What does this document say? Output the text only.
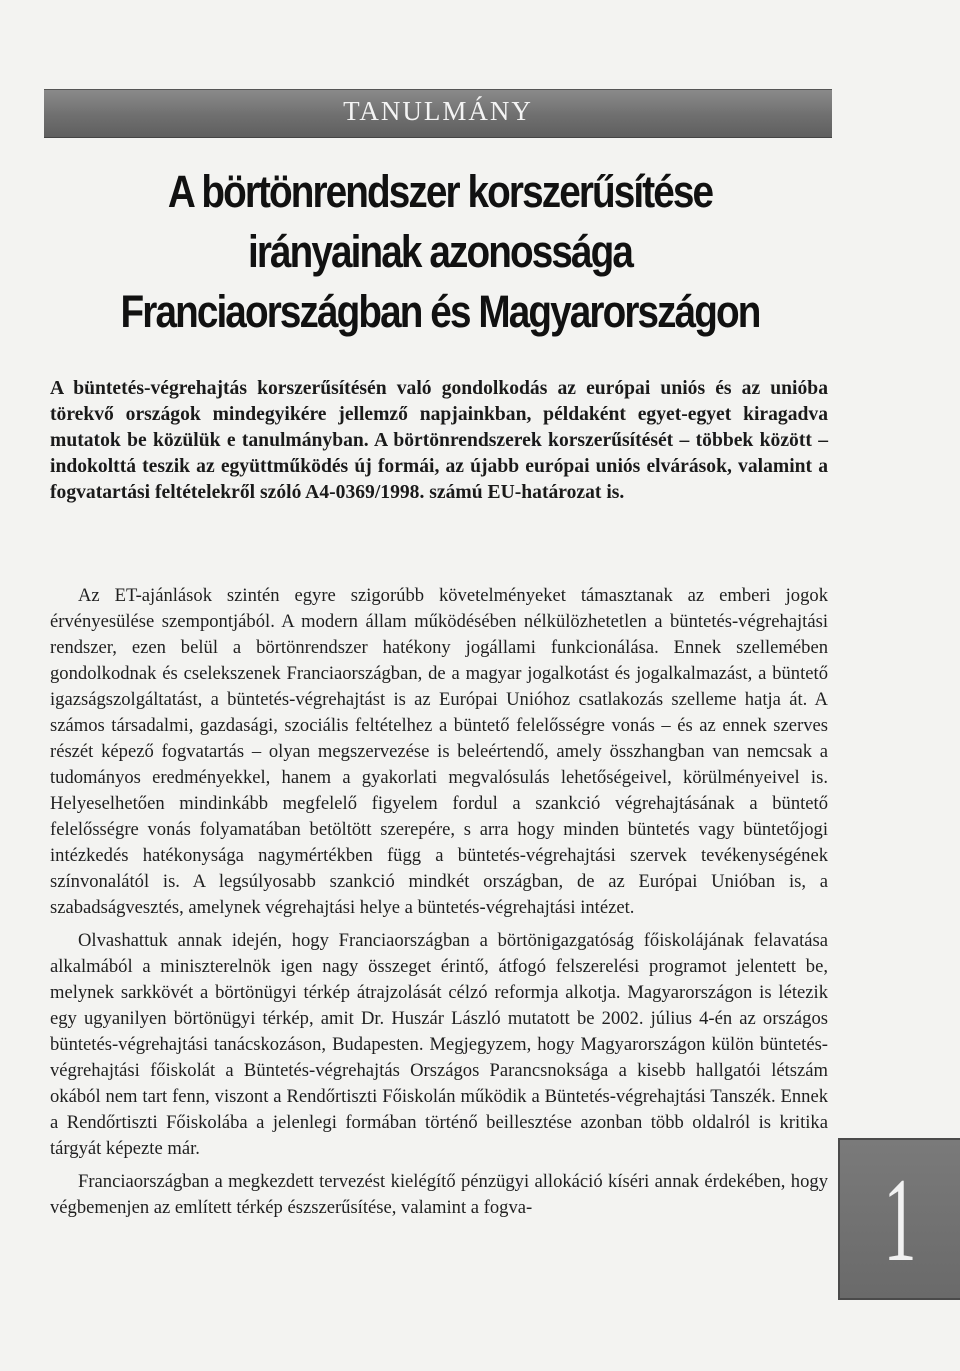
TANULMÁNY
A börtönrendszer korszerűsítése
irányainak azonossága
Franciaországban és Magyarországon
A büntetés-végrehajtás korszerűsítésén való gondolkodás az európai uniós és az unióba törekvő országok mindegyikére jellemző napjainkban, példaként egyet-egyet kiragadva mutatok be közülük e tanulmányban. A börtönrendszerek korszerűsítését – többek között – indokolttá teszik az együttműködés új formái, az újabb európai uniós elvárások, valamint a fogvatartási feltételekről szóló A4-0369/1998. számú EU-határozat is.

Az ET-ajánlások szintén egyre szigorúbb követelményeket támasztanak az emberi jogok érvényesülése szempontjából. A modern állam működésében nélkülözhetetlen a büntetés-végrehajtási rendszer, ezen belül a börtönrendszer hatékony jogállami funkcionálása. Ennek szellemében gondolkodnak és cselekszenek Franciaországban, de a magyar jogalkotást és jogalkalmazást, a büntető igazságszolgáltatást, a büntetés-végrehajtást is az Európai Unióhoz csatlakozás szelleme hatja át. A számos társadalmi, gazdasági, szociális feltételhez a büntető felelősségre vonás – és az ennek szerves részét képező fogvatartás – olyan megszervezése is beleértendő, amely összhangban van nemcsak a tudományos eredményekkel, hanem a gyakorlati megvalósulás lehetőségeivel, körülményeivel is. Helyeselhetően mindinkább megfelelő figyelem fordul a szankció végrehajtásának a büntető felelősségre vonás folyamatában betöltött szerepére, s arra hogy minden büntetés vagy büntetőjogi intézkedés hatékonysága nagymértékben függ a büntetés-végrehajtási szervek tevékenységének színvonalától is. A legsúlyosabb szankció mindkét országban, de az Európai Unióban is, a szabadságvesztés, amelynek végrehajtási helye a büntetés-végrehajtási intézet.

Olvashattuk annak idején, hogy Franciaországban a börtönigazgatóság főiskolájának felavatása alkalmából a miniszterelnök igen nagy összeget érintő, átfogó felszerelési programot jelentett be, melynek sarkkövét a börtönügyi térkép átrajzolását célzó reformja alkotja. Magyarországon is létezik egy ugyanilyen börtönügyi térkép, amit Dr. Huszár László mutatott be 2002. július 4-én az országos büntetés-végrehajtási tanácskozáson, Budapesten. Megjegyzem, hogy Magyarországon külön büntetés-végrehajtási főiskolát a Büntetés-végrehajtás Országos Parancsnoksága a kisebb hallgatói létszám okából nem tart fenn, viszont a Rendőrtiszti Főiskolán működik a Büntetés-végrehajtási Tanszék. Ennek a Rendőrtiszti Főiskolába a jelenlegi formában történő beillesztése azonban több oldalról is kritika tárgyát képezte már.

Franciaországban a megkezdett tervezést kielégítő pénzügyi allokáció kíséri annak érdekében, hogy végbemenjen az említett térkép észszerűsítése, valamint a fogva-	1
